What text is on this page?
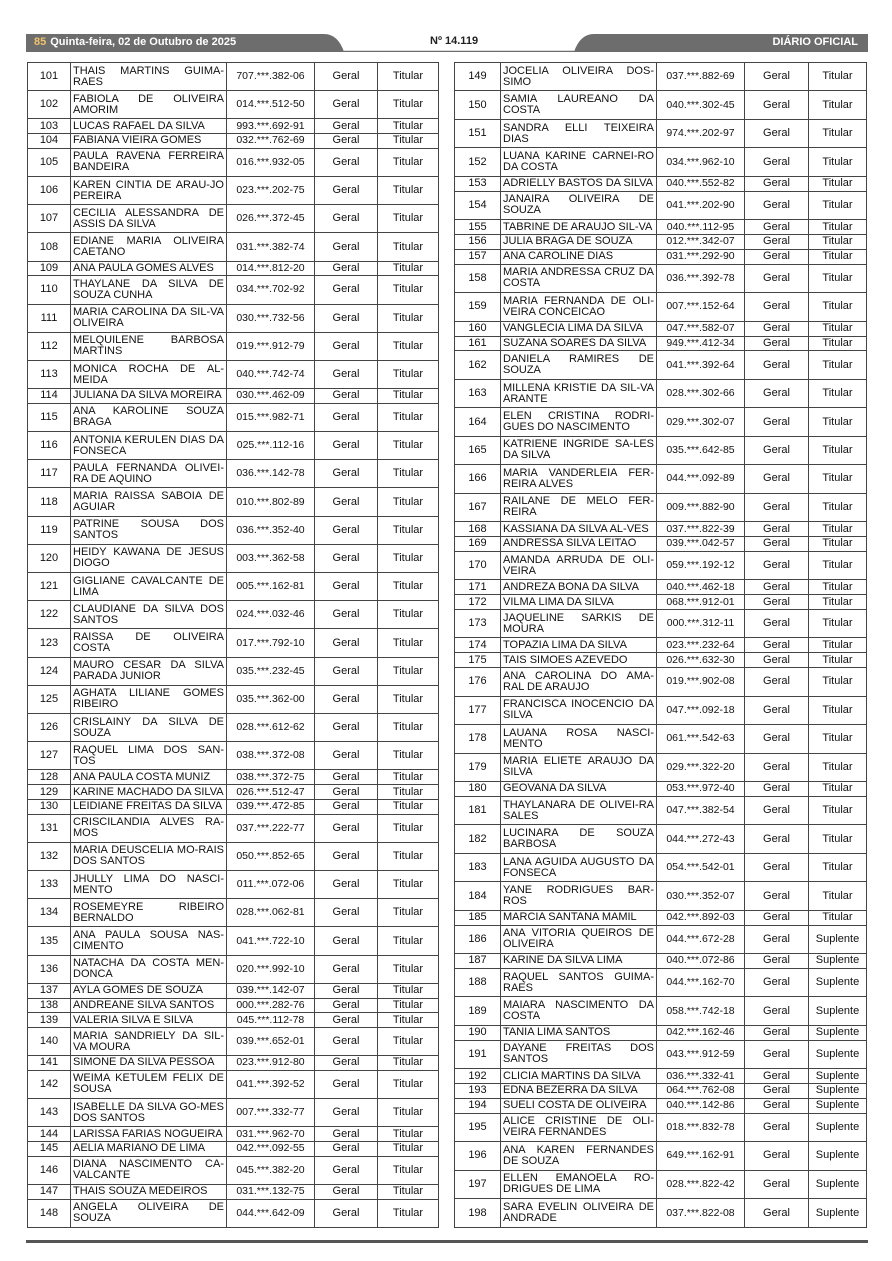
85 Quinta-feira, 02 de Outubro de 2025	Nº 14.119	DIÁRIO OFICIAL
101	THAIS MARTINS GUIMA-RAES	707.***.382-06	Geral	Titular
102	FABIOLA DE OLIVEIRA AMORIM	014.***.512-50	Geral	Titular
103	LUCAS RAFAEL DA SILVA	993.***.692-91	Geral	Titular
104	FABIANA VIEIRA GOMES	032.***.762-69	Geral	Titular
105	PAULA RAVENA FERREIRA BANDEIRA	016.***.932-05	Geral	Titular
106	KAREN CINTIA DE ARAU-JO PEREIRA	023.***.202-75	Geral	Titular
107	CECILIA ALESSANDRA DE ASSIS DA SILVA	026.***.372-45	Geral	Titular
108	EDIANE MARIA OLIVEIRA CAETANO	031.***.382-74	Geral	Titular
109	ANA PAULA GOMES ALVES	014.***.812-20	Geral	Titular
110	THAYLANE DA SILVA DE SOUZA CUNHA	034.***.702-92	Geral	Titular
111	MARIA CAROLINA DA SIL-VA OLIVEIRA	030.***.732-56	Geral	Titular
112	MELQUILENE BARBOSA MARTINS	019.***.912-79	Geral	Titular
113	MONICA ROCHA DE AL-MEIDA	040.***.742-74	Geral	Titular
114	JULIANA DA SILVA MOREIRA	030.***.462-09	Geral	Titular
115	ANA KAROLINE SOUZA BRAGA	015.***.982-71	Geral	Titular
116	ANTONIA KERULEN DIAS DA FONSECA	025.***.112-16	Geral	Titular
117	PAULA FERNANDA OLIVEI-RA DE AQUINO	036.***.142-78	Geral	Titular
118	MARIA RAISSA SABOIA DE AGUIAR	010.***.802-89	Geral	Titular
119	PATRINE SOUSA DOS SANTOS	036.***.352-40	Geral	Titular
120	HEIDY KAWANA DE JESUS DIOGO	003.***.362-58	Geral	Titular
121	GIGLIANE CAVALCANTE DE LIMA	005.***.162-81	Geral	Titular
122	CLAUDIANE DA SILVA DOS SANTOS	024.***.032-46	Geral	Titular
123	RAISSA DE OLIVEIRA COSTA	017.***.792-10	Geral	Titular
124	MAURO CESAR DA SILVA PARADA JUNIOR	035.***.232-45	Geral	Titular
125	AGHATA LILIANE GOMES RIBEIRO	035.***.362-00	Geral	Titular
126	CRISLAINY DA SILVA DE SOUZA	028.***.612-62	Geral	Titular
127	RAQUEL LIMA DOS SAN-TOS	038.***.372-08	Geral	Titular
128	ANA PAULA COSTA MUNIZ	038.***.372-75	Geral	Titular
129	KARINE MACHADO DA SILVA	026.***.512-47	Geral	Titular
130	LEIDIANE FREITAS DA SILVA	039.***.472-85	Geral	Titular
131	CRISCILANDIA ALVES RA-MOS	037.***.222-77	Geral	Titular
132	MARIA DEUSCELIA MO-RAIS DOS SANTOS	050.***.852-65	Geral	Titular
133	JHULLY LIMA DO NASCI-MENTO	011.***.072-06	Geral	Titular
134	ROSEMEYRE RIBEIRO BERNALDO	028.***.062-81	Geral	Titular
135	ANA PAULA SOUSA NAS-CIMENTO	041.***.722-10	Geral	Titular
136	NATACHA DA COSTA MEN-DONCA	020.***.992-10	Geral	Titular
137	AYLA GOMES DE SOUZA	039.***.142-07	Geral	Titular
138	ANDREANE SILVA SANTOS	000.***.282-76	Geral	Titular
139	VALERIA SILVA E SILVA	045.***.112-78	Geral	Titular
140	MARIA SANDRIELY DA SIL-VA MOURA	039.***.652-01	Geral	Titular
141	SIMONE DA SILVA PESSOA	023.***.912-80	Geral	Titular
142	WEIMA KETULEM FELIX DE SOUSA	041.***.392-52	Geral	Titular
143	ISABELLE DA SILVA GO-MES DOS SANTOS	007.***.332-77	Geral	Titular
144	LARISSA FARIAS NOGUEIRA	031.***.962-70	Geral	Titular
145	AELIA MARIANO DE LIMA	042.***.092-55	Geral	Titular
146	DIANA NASCIMENTO CA-VALCANTE	045.***.382-20	Geral	Titular
147	THAIS SOUZA MEDEIROS	031.***.132-75	Geral	Titular
148	ANGELA OLIVEIRA DE SOUZA	044.***.642-09	Geral	Titular
149	JOCELIA OLIVEIRA DOS-SIMO	037.***.882-69	Geral	Titular
150	SAMIA LAUREANO DA COSTA	040.***.302-45	Geral	Titular
151	SANDRA ELLI TEIXEIRA DIAS	974.***.202-97	Geral	Titular
152	LUANA KARINE CARNEI-RO DA COSTA	034.***.962-10	Geral	Titular
153	ADRIELLY BASTOS DA SILVA	040.***.552-82	Geral	Titular
154	JANAIRA OLIVEIRA DE SOUZA	041.***.202-90	Geral	Titular
155	TABRINE DE ARAUJO SIL-VA	040.***.112-95	Geral	Titular
156	JULIA BRAGA DE SOUZA	012.***.342-07	Geral	Titular
157	ANA CAROLINE DIAS	031.***.292-90	Geral	Titular
158	MARIA ANDRESSA CRUZ DA COSTA	036.***.392-78	Geral	Titular
159	MARIA FERNANDA DE OLI-VEIRA CONCEICAO	007.***.152-64	Geral	Titular
160	VANGLECIA LIMA DA SILVA	047.***.582-07	Geral	Titular
161	SUZANA SOARES DA SILVA	949.***.412-34	Geral	Titular
162	DANIELA RAMIRES DE SOUZA	041.***.392-64	Geral	Titular
163	MILLENA KRISTIE DA SIL-VA ARANTE	028.***.302-66	Geral	Titular
164	ELEN CRISTINA RODRI-GUES DO NASCIMENTO	029.***.302-07	Geral	Titular
165	KATRIENE INGRIDE SA-LES DA SILVA	035.***.642-85	Geral	Titular
166	MARIA VANDERLEIA FER-REIRA ALVES	044.***.092-89	Geral	Titular
167	RAILANE DE MELO FER-REIRA	009.***.882-90	Geral	Titular
168	KASSIANA DA SILVA AL-VES	037.***.822-39	Geral	Titular
169	ANDRESSA SILVA LEITAO	039.***.042-57	Geral	Titular
170	AMANDA ARRUDA DE OLI-VEIRA	059.***.192-12	Geral	Titular
171	ANDREZA BONA DA SILVA	040.***.462-18	Geral	Titular
172	VILMA LIMA DA SILVA	068.***.912-01	Geral	Titular
173	JAQUELINE SARKIS DE MOURA	000.***.312-11	Geral	Titular
174	TOPAZIA LIMA DA SILVA	023.***.232-64	Geral	Titular
175	TAIS SIMOES AZEVEDO	026.***.632-30	Geral	Titular
176	ANA CAROLINA DO AMA-RAL DE ARAUJO	019.***.902-08	Geral	Titular
177	FRANCISCA INOCENCIO DA SILVA	047.***.092-18	Geral	Titular
178	LAUANA ROSA NASCI-MENTO	061.***.542-63	Geral	Titular
179	MARIA ELIETE ARAUJO DA SILVA	029.***.322-20	Geral	Titular
180	GEOVANA DA SILVA	053.***.972-40	Geral	Titular
181	THAYLANARA DE OLIVEI-RA SALES	047.***.382-54	Geral	Titular
182	LUCINARA DE SOUZA BARBOSA	044.***.272-43	Geral	Titular
183	LANA AGUIDA AUGUSTO DA FONSECA	054.***.542-01	Geral	Titular
184	YANE RODRIGUES BAR-ROS	030.***.352-07	Geral	Titular
185	MARCIA SANTANA MAMIL	042.***.892-03	Geral	Titular
186	ANA VITORIA QUEIROS DE OLIVEIRA	044.***.672-28	Geral	Suplente
187	KARINE DA SILVA LIMA	040.***.072-86	Geral	Suplente
188	RAQUEL SANTOS GUIMA-RAES	044.***.162-70	Geral	Suplente
189	MAIARA NASCIMENTO DA COSTA	058.***.742-18	Geral	Suplente
190	TANIA LIMA SANTOS	042.***.162-46	Geral	Suplente
191	DAYANE FREITAS DOS SANTOS	043.***.912-59	Geral	Suplente
192	CLICIA MARTINS DA SILVA	036.***.332-41	Geral	Suplente
193	EDNA BEZERRA DA SILVA	064.***.762-08	Geral	Suplente
194	SUELI COSTA DE OLIVEIRA	040.***.142-86	Geral	Suplente
195	ALICE CRISTINE DE OLI-VEIRA FERNANDES	018.***.832-78	Geral	Suplente
196	ANA KAREN FERNANDES DE SOUZA	649.***.162-91	Geral	Suplente
197	ELLEN EMANOELA RO-DRIGUES DE LIMA	028.***.822-42	Geral	Suplente
198	SARA EVELIN OLIVEIRA DE ANDRADE	037.***.822-08	Geral	Suplente
